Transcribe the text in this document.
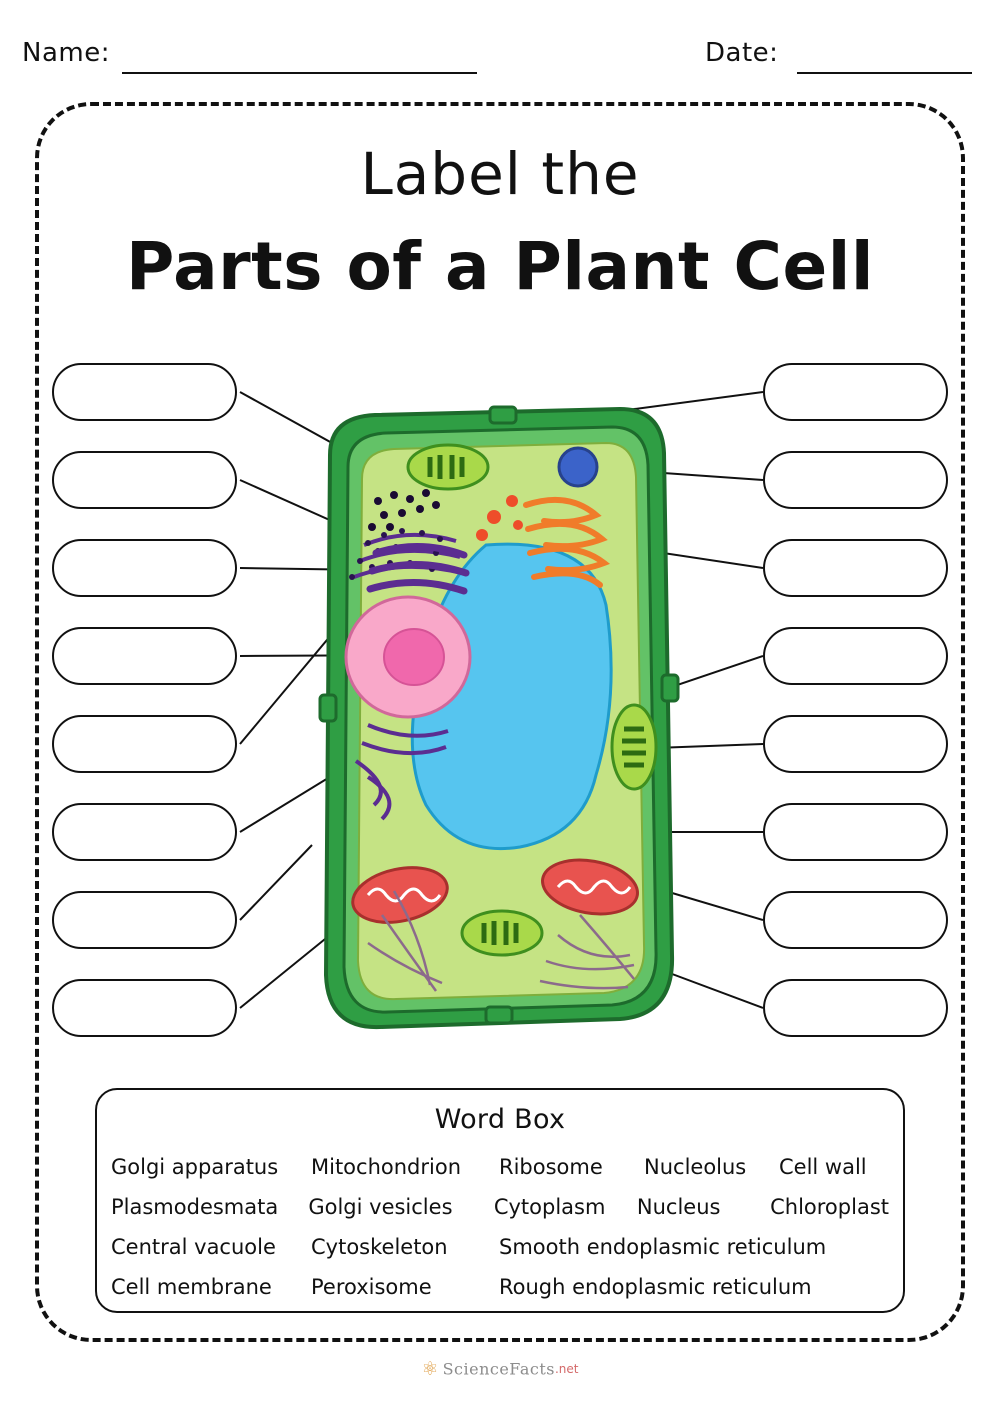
Name:	Date:
Label the
Parts of a Plant Cell
Word Box
Golgi apparatus	Mitochondrion	Ribosome	Nucleolus	Cell wall
Plasmodesmata	Golgi vesicles	Cytoplasm	Nucleus	Chloroplast
Central vacuole	Cytoskeleton	Smooth endoplasmic reticulum
Cell membrane	Peroxisome	Rough endoplasmic reticulum
⚛ ScienceFacts.net
